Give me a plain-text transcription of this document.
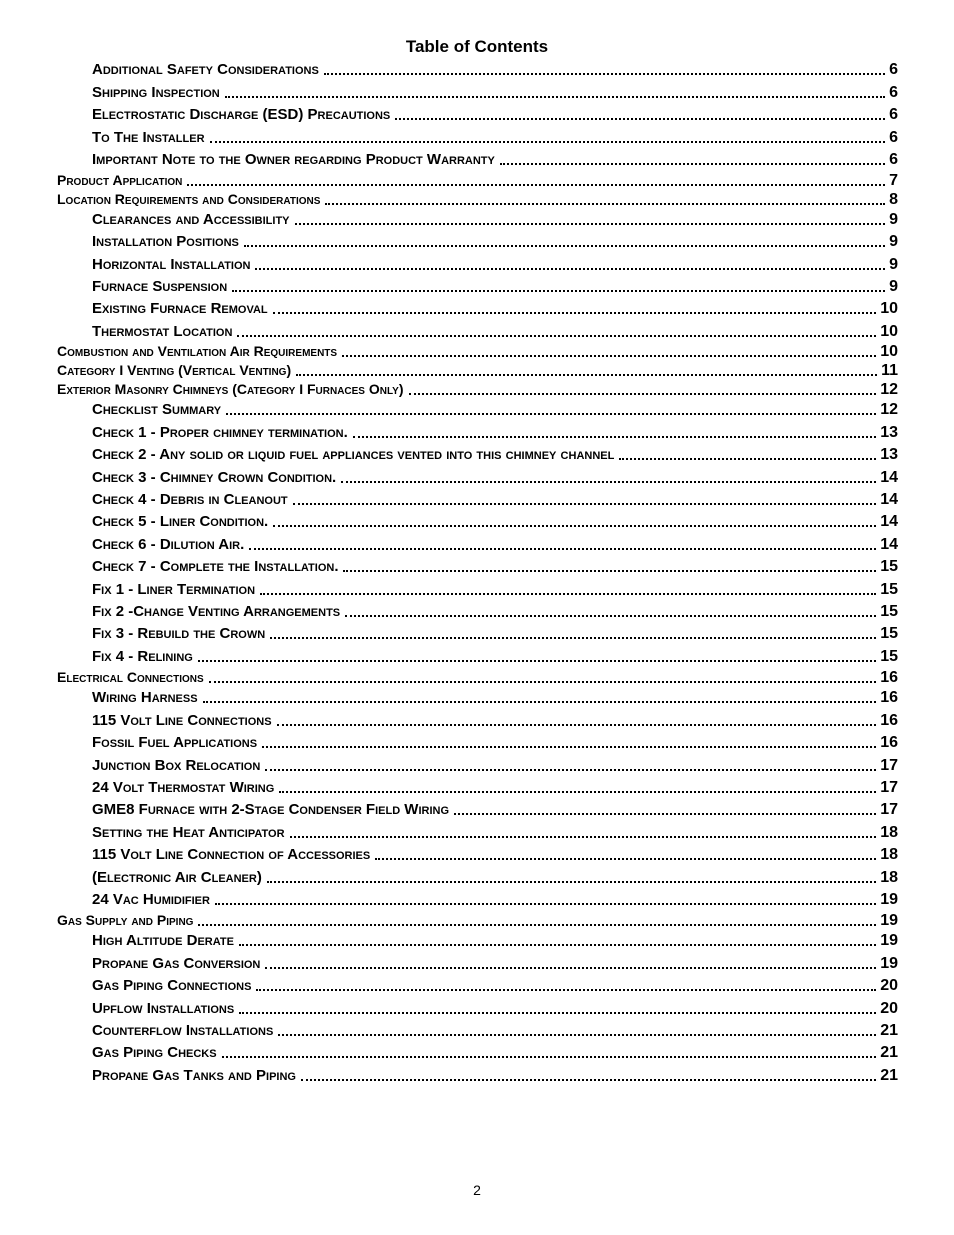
Table of Contents
Additional Safety Considerations	6
Shipping Inspection	6
Electrostatic Discharge (ESD) Precautions	6
To The Installer	6
Important Note to the Owner regarding Product Warranty	6
Product Application	7
Location Requirements and Considerations	8
Clearances and Accessibility	9
Installation Positions	9
Horizontal Installation	9
Furnace Suspension	9
Existing Furnace Removal	10
Thermostat Location	10
Combustion and Ventilation Air Requirements	10
Category I Venting (Vertical Venting)	11
Exterior Masonry Chimneys (Category I Furnaces Only)	12
Checklist Summary	12
Check 1 - Proper chimney termination.	13
Check 2 - Any solid or liquid fuel appliances vented into this chimney channel	13
Check 3 - Chimney Crown Condition.	14
Check 4 - Debris in Cleanout	14
Check 5 - Liner Condition.	14
Check 6 - Dilution Air.	14
Check 7 - Complete the Installation.	15
Fix 1 - Liner Termination	15
Fix 2 -Change Venting Arrangements	15
Fix 3 - Rebuild the Crown	15
Fix 4 - Relining	15
Electrical Connections	16
Wiring Harness	16
115 Volt Line Connections	16
Fossil Fuel Applications	16
Junction Box Relocation	17
24 Volt Thermostat Wiring	17
GME8 Furnace with 2-Stage Condenser Field Wiring	17
Setting the Heat Anticipator	18
115 Volt Line Connection of Accessories	18
(Electronic Air Cleaner)	18
24 Vac Humidifier	19
Gas Supply and Piping	19
High Altitude Derate	19
Propane Gas Conversion	19
Gas Piping Connections	20
Upflow Installations	20
Counterflow Installations	21
Gas Piping Checks	21
Propane Gas Tanks and Piping	21
2
